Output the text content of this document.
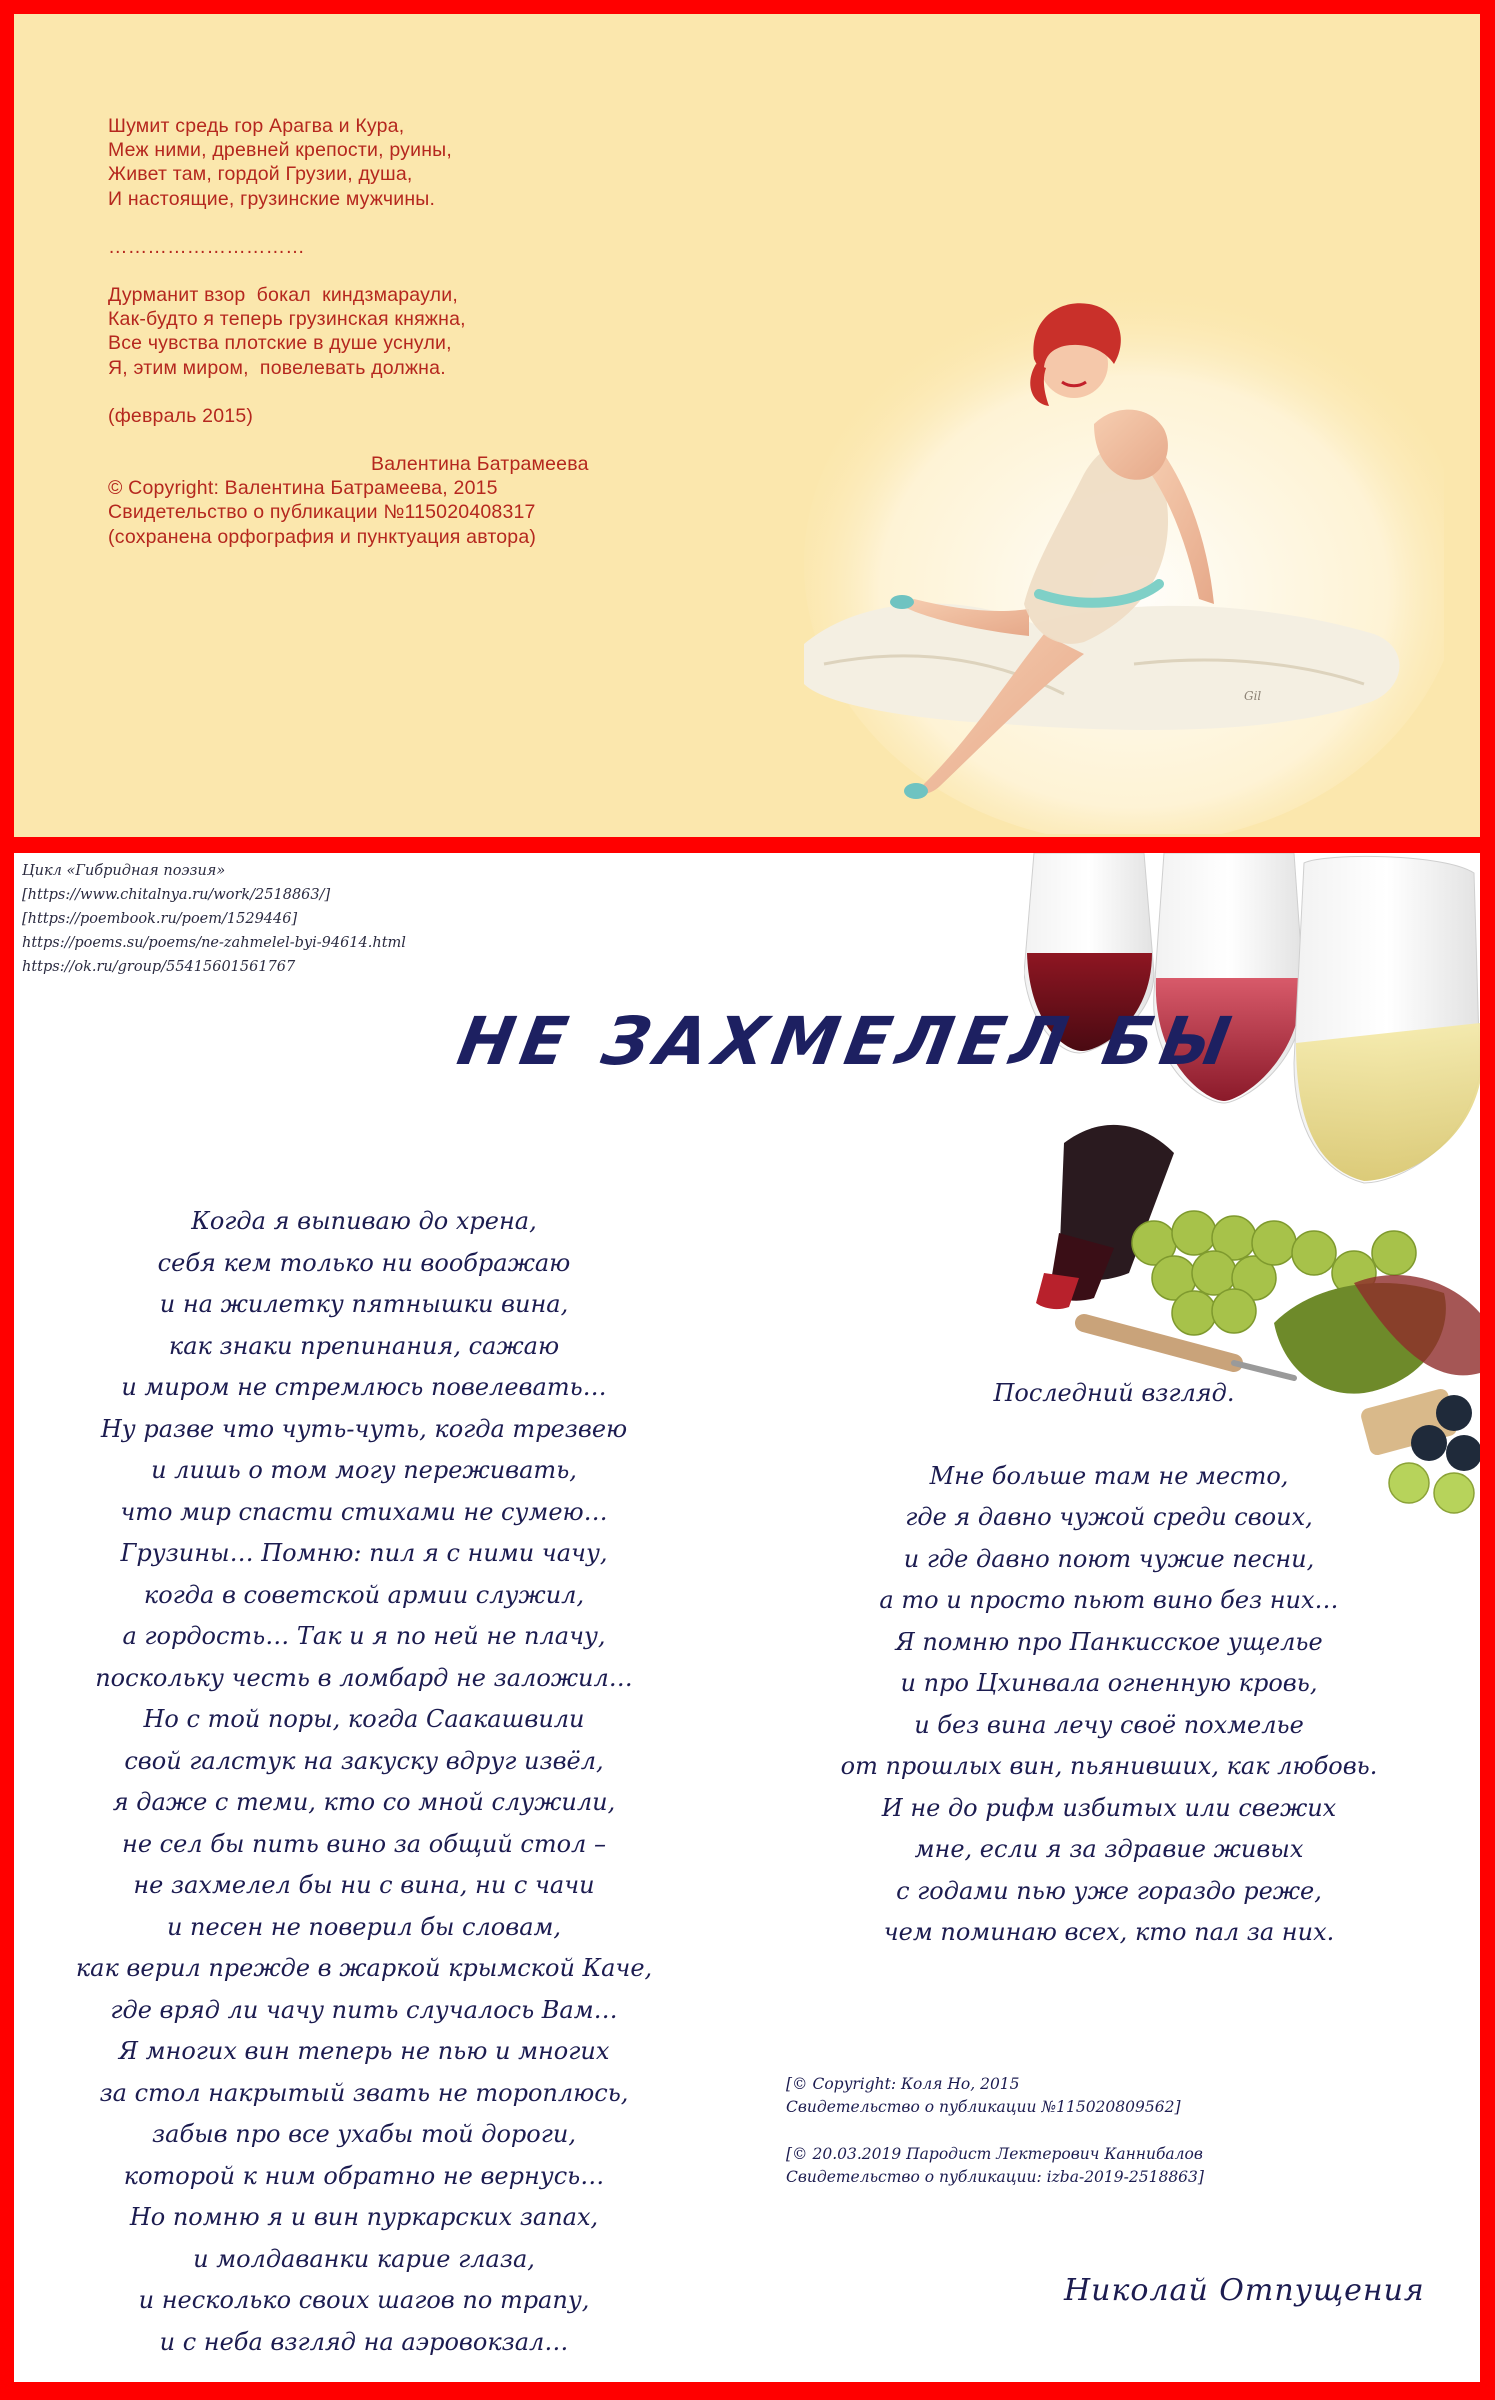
Шумит средь гор Арагва и Кура,
Меж ними, древней крепости, руины,
Живет там, гордой Грузии, душа,
И настоящие, грузинские мужчины.
…………………………
Дурманит взор  бокал  киндзмараули,
Как-будто я теперь грузинская княжна,
Все чувства плотские в душе уснули,
Я, этим миром,  повелевать должна.
(февраль 2015)
Валентина Батрамеева
© Copyright: Валентина Батрамеева, 2015
Свидетельство о публикации №115020408317
(сохранена орфография и пунктуация автора)
Gil
Цикл «Гибридная поэзия»
[https://www.chitalnya.ru/work/2518863/]
[https://poembook.ru/poem/1529446]
https://poems.su/poems/ne-zahmelel-byi-94614.html
https://ok.ru/group/55415601561767
НЕ ЗАХМЕЛЕЛ БЫ
Когда я выпиваю до хрена,
себя кем только ни воображаю
и на жилетку пятнышки вина,
как знаки препинания, сажаю
и миром не стремлюсь повелевать…
Ну разве что чуть-чуть, когда трезвею
и лишь о том могу переживать,
что мир спасти стихами не сумею…
Грузины… Помню: пил я с ними чачу,
когда в советской армии служил,
а гордость… Так и я по ней не плачу,
поскольку честь в ломбард не заложил…
Но с той поры, когда Саакашвили
свой галстук на закуску вдруг извёл,
я даже с теми, кто со мной служили,
не сел бы пить вино за общий стол –
не захмелел бы ни с вина, ни с чачи
и песен не поверил бы словам,
как верил прежде в жаркой крымской Каче,
где вряд ли чачу пить случалось Вам…
Я многих вин теперь не пью и многих
за стол накрытый звать не тороплюсь,
забыв про все ухабы той дороги,
которой к ним обратно не вернусь…
Но помню я и вин пуркарских запах,
и молдаванки карие глаза,
и несколько своих шагов по трапу,
и с неба взгляд на аэровокзал…
Последний взгляд.
Мне больше там не место,
где я давно чужой среди своих,
и где давно поют чужие песни,
а то и просто пьют вино без них…
Я помню про Панкисское ущелье
и про Цхинвала огненную кровь,
и без вина лечу своё похмелье
от прошлых вин, пьянивших, как любовь.
И не до рифм избитых или свежих
мне, если я за здравие живых
с годами пью уже гораздо реже,
чем поминаю всех, кто пал за них.
[© Copyright: Коля Но, 2015
Свидетельство о публикации №115020809562]
[© 20.03.2019 Пародист Лектерович Каннибалов
Свидетельство о публикации: izba-2019-2518863]
Николай Отпущения
